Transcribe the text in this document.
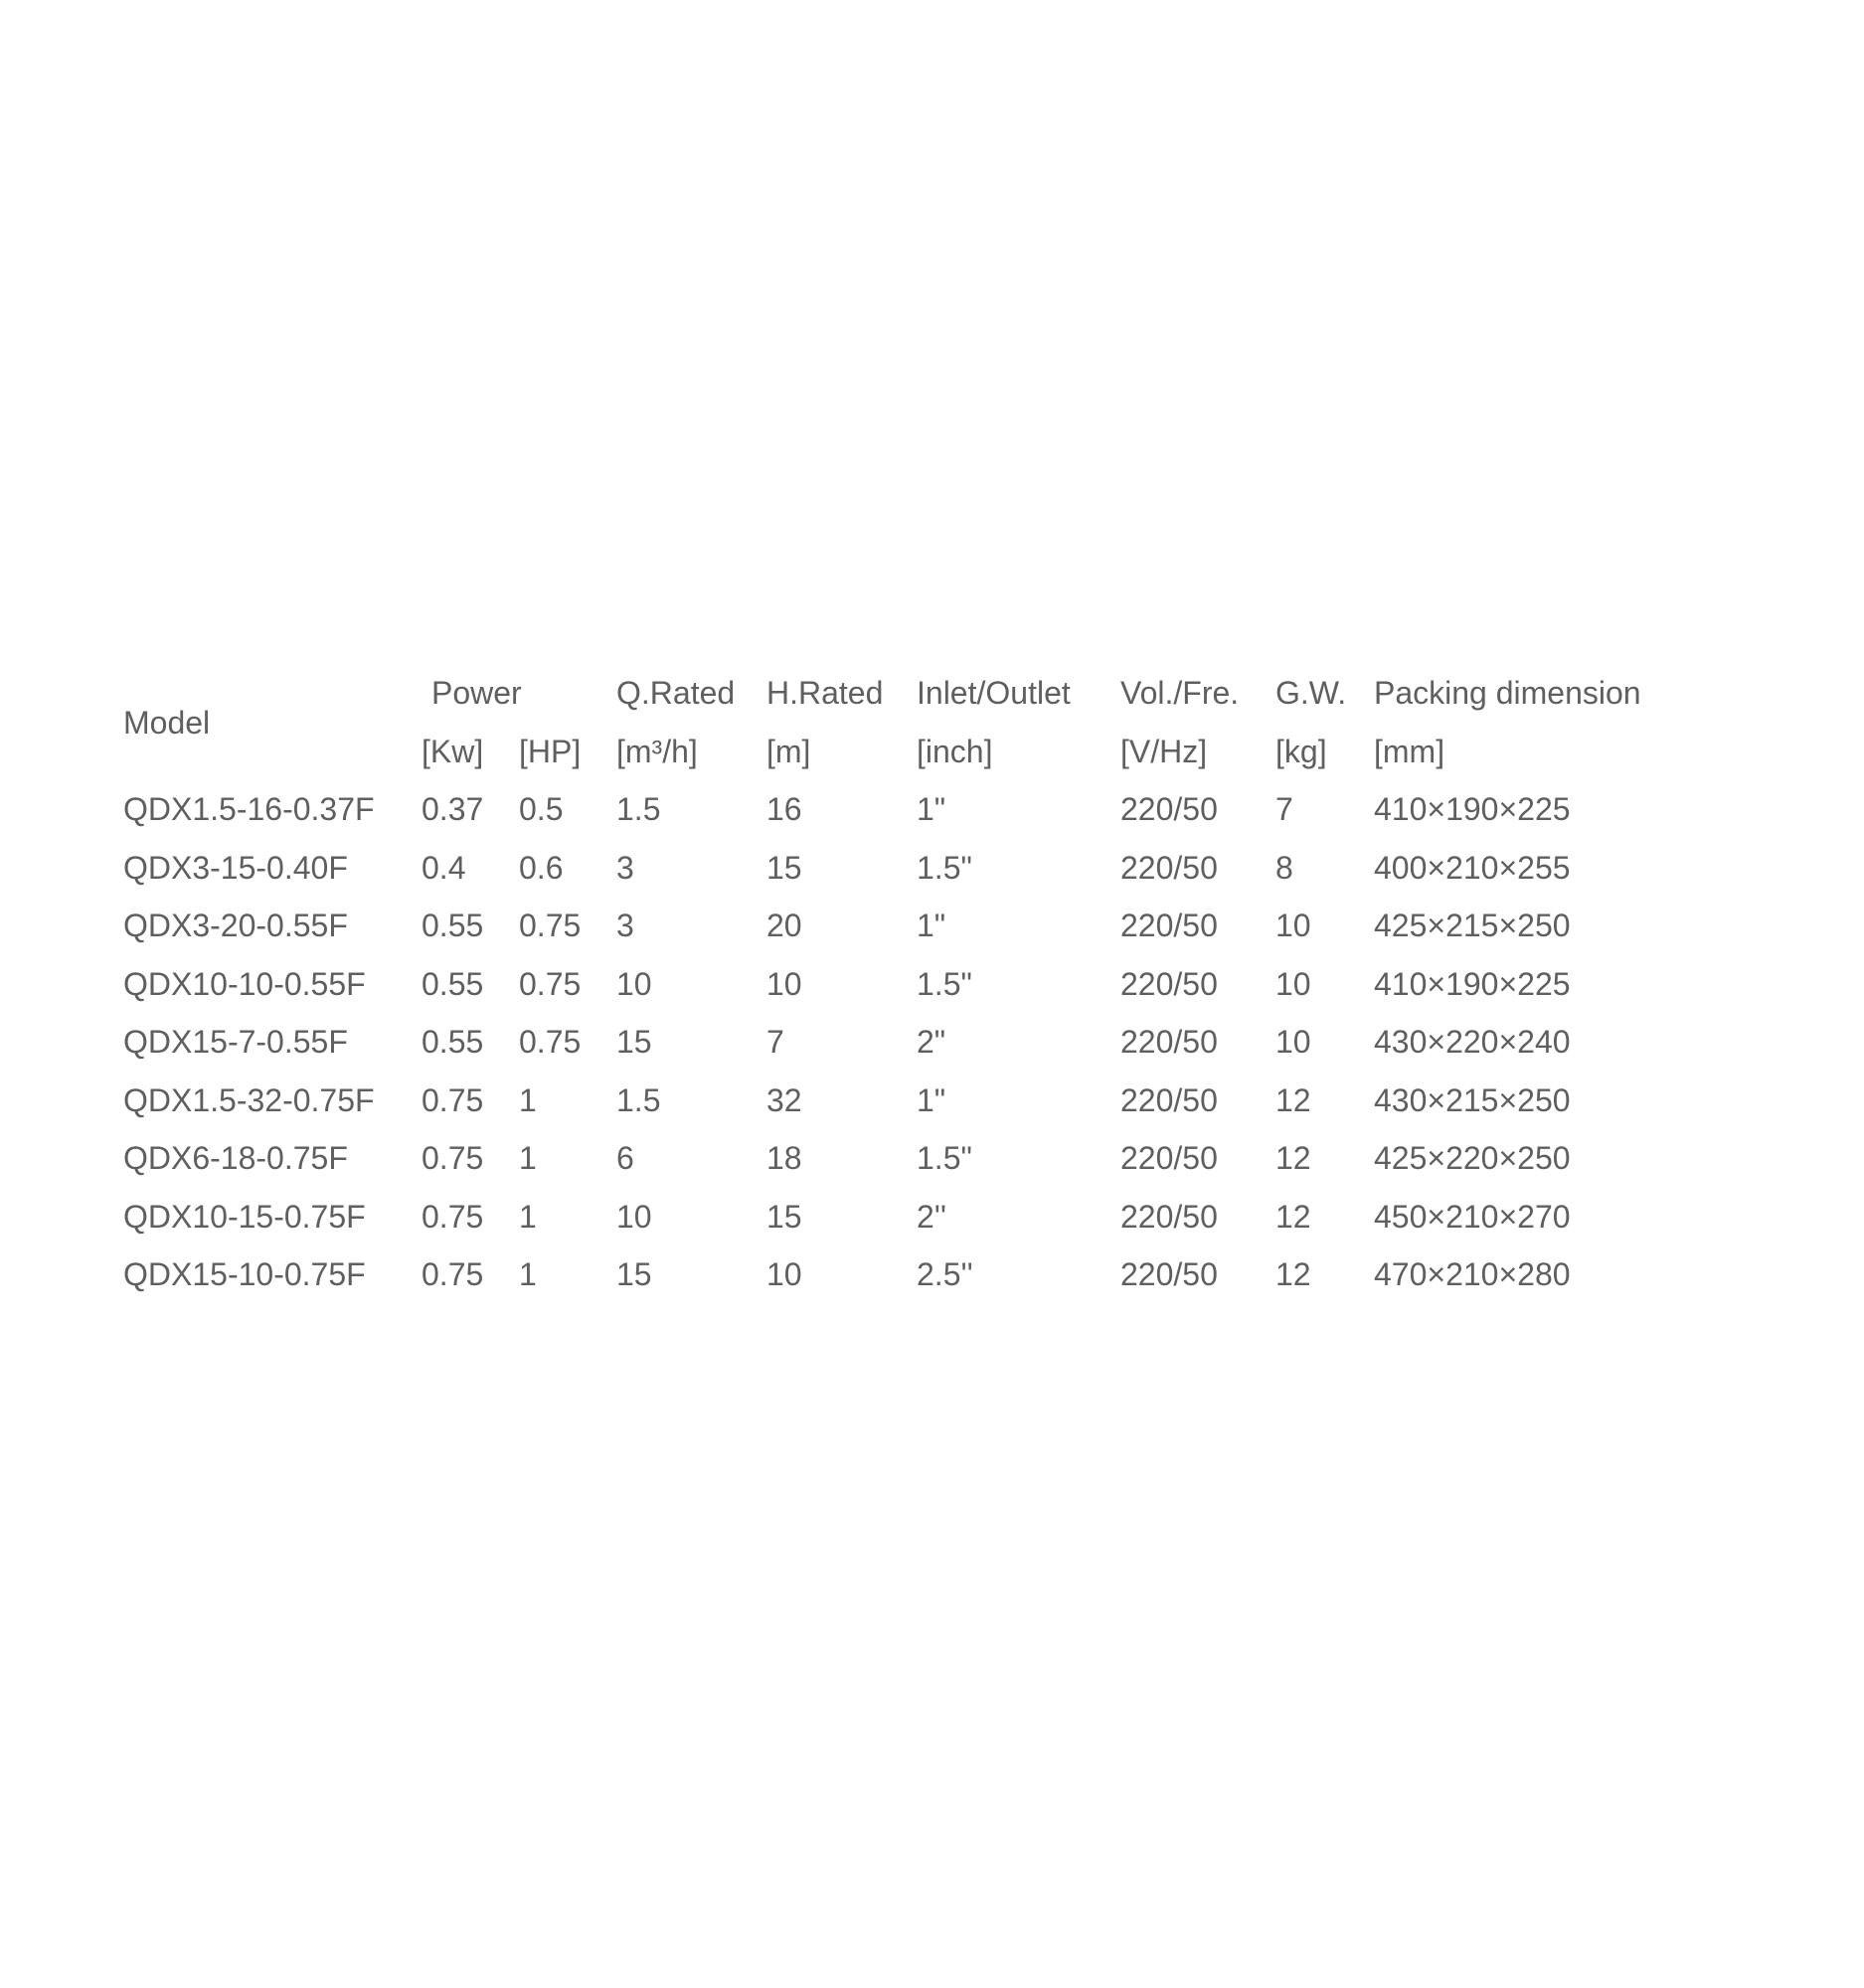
Model	Power		Q.Rated	H.Rated	Inlet/Outlet	Vol./Fre.	G.W.	Packing dimension
	[Kw]	[HP]	[m³/h]	[m]	[inch]	[V/Hz]	[kg]	[mm]
QDX1.5-16-0.37F	0.37	0.5	1.5	16	1"	220/50	7	410×190×225
QDX3-15-0.40F	0.4	0.6	3	15	1.5"	220/50	8	400×210×255
QDX3-20-0.55F	0.55	0.75	3	20	1"	220/50	10	425×215×250
QDX10-10-0.55F	0.55	0.75	10	10	1.5"	220/50	10	410×190×225
QDX15-7-0.55F	0.55	0.75	15	7	2"	220/50	10	430×220×240
QDX1.5-32-0.75F	0.75	1	1.5	32	1"	220/50	12	430×215×250
QDX6-18-0.75F	0.75	1	6	18	1.5"	220/50	12	425×220×250
QDX10-15-0.75F	0.75	1	10	15	2''	220/50	12	450×210×270
QDX15-10-0.75F	0.75	1	15	10	2.5''	220/50	12	470×210×280
